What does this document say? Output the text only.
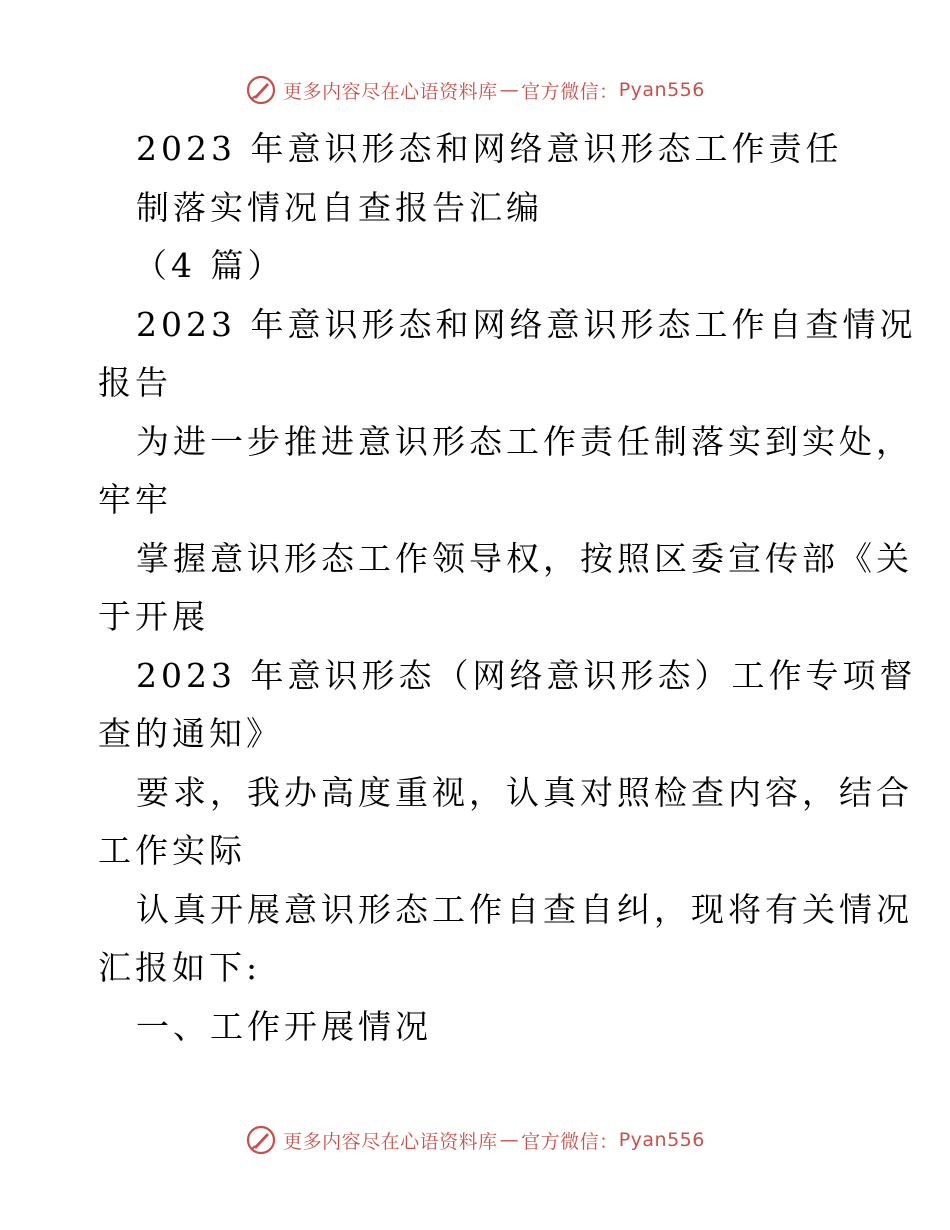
更多内容尽在心语资料库 — 官方微信： Pyan556
2023 年意识形态和网络意识形态工作责任
制落实情况自查报告汇编
（4 篇）
2023 年意识形态和网络意识形态工作自查情况
报告
为进一步推进意识形态工作责任制落实到实处，
牢牢
掌握意识形态工作领导权，按照区委宣传部《关
于开展
2023 年意识形态（网络意识形态）工作专项督
查的通知》
要求，我办高度重视，认真对照检查内容，结合
工作实际
认真开展意识形态工作自查自纠，现将有关情况
汇报如下:
一、工作开展情况
更多内容尽在心语资料库 — 官方微信： Pyan556
